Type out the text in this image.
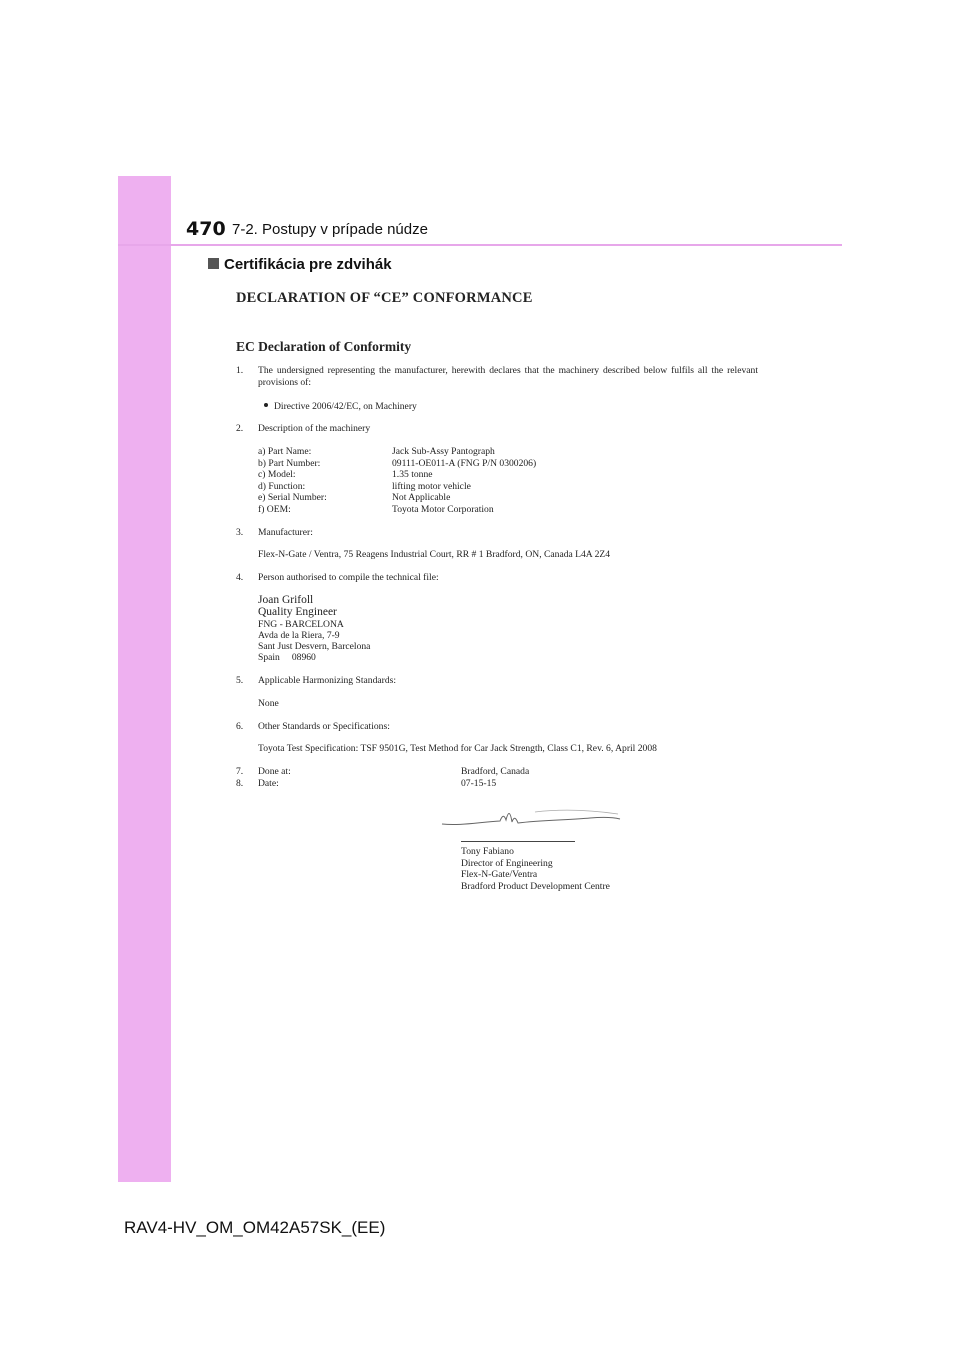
470 7-2. Postupy v prípade núdze
Certifikácia pre zdvihák
DECLARATION OF “CE” CONFORMANCE
EC Declaration of Conformity
1. The undersigned representing the manufacturer, herewith declares that the machinery described below fulfils all the relevant provisions of:
Directive 2006/42/EC, on Machinery
2. Description of the machinery
a) Part Name:	Jack Sub-Assy Pantograph
b) Part Number:	09111-OE011-A (FNG P/N 0300206)
c) Model:	1.35 tonne
d) Function:	lifting motor vehicle
e) Serial Number:	Not Applicable
f) OEM:	Toyota Motor Corporation
3. Manufacturer:
Flex-N-Gate / Ventra, 75 Reagens Industrial Court, RR # 1 Bradford, ON, Canada L4A 2Z4
4. Person authorised to compile the technical file:
Joan Grifoll
Quality Engineer
FNG - BARCELONA
Avda de la Riera, 7-9
Sant Just Desvern, Barcelona
Spain     08960
5. Applicable Harmonizing Standards:
None
6. Other Standards or Specifications:
Toyota Test Specification: TSF 9501G, Test Method for Car Jack Strength, Class C1, Rev. 6, April 2008
7. Done at:	Bradford, Canada
8. Date:	07-15-15
Tony Fabiano
Director of Engineering
Flex-N-Gate/Ventra
Bradford Product Development Centre
RAV4-HV_OM_OM42A57SK_(EE)
